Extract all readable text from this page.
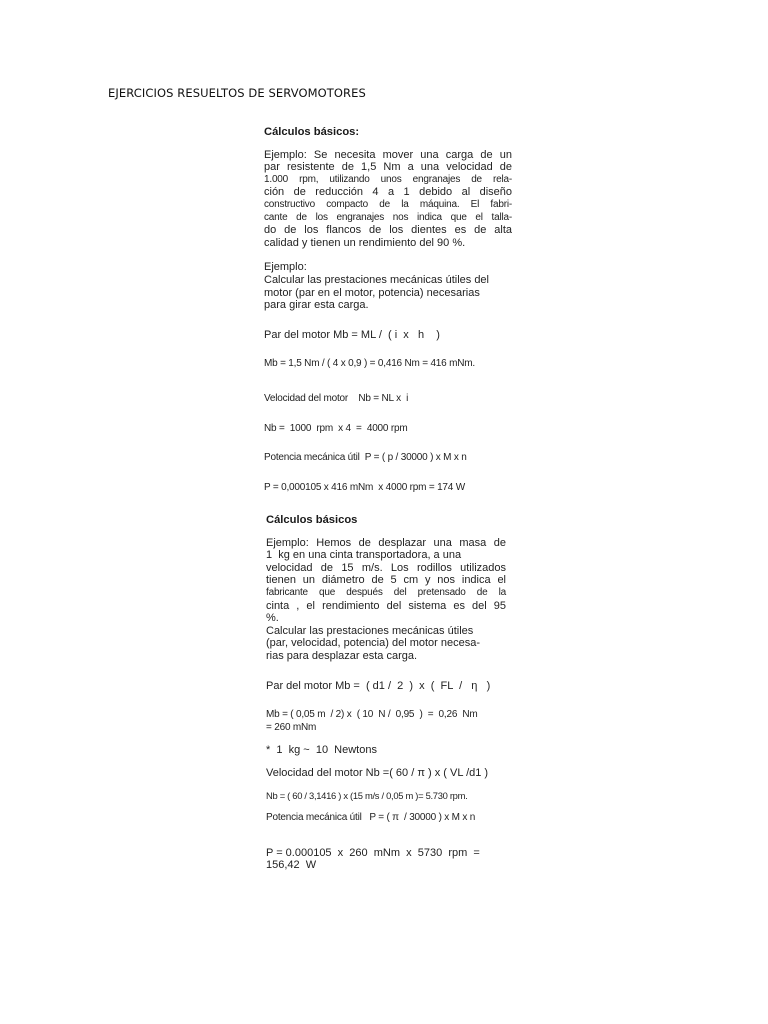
EJERCICIOS RESUELTOS DE SERVOMOTORES
Cálculos básicos:
Ejemplo: Se necesita mover una carga de un
par resistente de 1,5 Nm a una velocidad de
1.000 rpm, utilizando unos engranajes de rela-
ción de reducción 4 a 1 debido al diseño
constructivo compacto de la máquina. El fabri-
cante de los engranajes nos indica que el talla-
do de los flancos de los dientes es de alta
calidad y tienen un rendimiento del 90 %.
Ejemplo:
Calcular las prestaciones mecánicas útiles del
motor (par en el motor, potencia) necesarias
para girar esta carga.
Par del motor Mb = ML /  ( i  x   h    )
Mb = 1,5 Nm / ( 4 x 0,9 ) = 0,416 Nm = 416 mNm.
Velocidad del motor    Nb = NL x  i
Nb =  1000  rpm  x 4  =  4000 rpm
Potencia mecánica útil  P = ( p / 30000 ) x M x n
P = 0,000105 x 416 mNm  x 4000 rpm = 174 W
Cálculos básicos
Ejemplo: Hemos de desplazar una masa de
1  kg en una cinta transportadora, a una
velocidad de 15 m/s. Los rodillos utilizados
tienen un diámetro de 5 cm y nos indica el
fabricante que después del pretensado de la
cinta , el rendimiento del sistema es del 95
%.
Calcular las prestaciones mecánicas útiles
(par, velocidad, potencia) del motor necesa-
rias para desplazar esta carga.
Par del motor Mb =  ( d1 /  2  )  x  (  FL  /   η   )
Mb = ( 0,05 m  / 2) x  ( 10  N /  0,95  )  =  0,26  Nm
= 260 mNm
*  1  kg ~  10  Newtons
Velocidad del motor Nb =( 60 / π ) x ( VL /d1 )
Nb = ( 60 / 3,1416 ) x (15 m/s / 0,05 m )= 5.730 rpm.
Potencia mecánica útil   P = ( π  / 30000 ) x M x n
P = 0.000105  x  260  mNm  x  5730  rpm  =
156,42  W
